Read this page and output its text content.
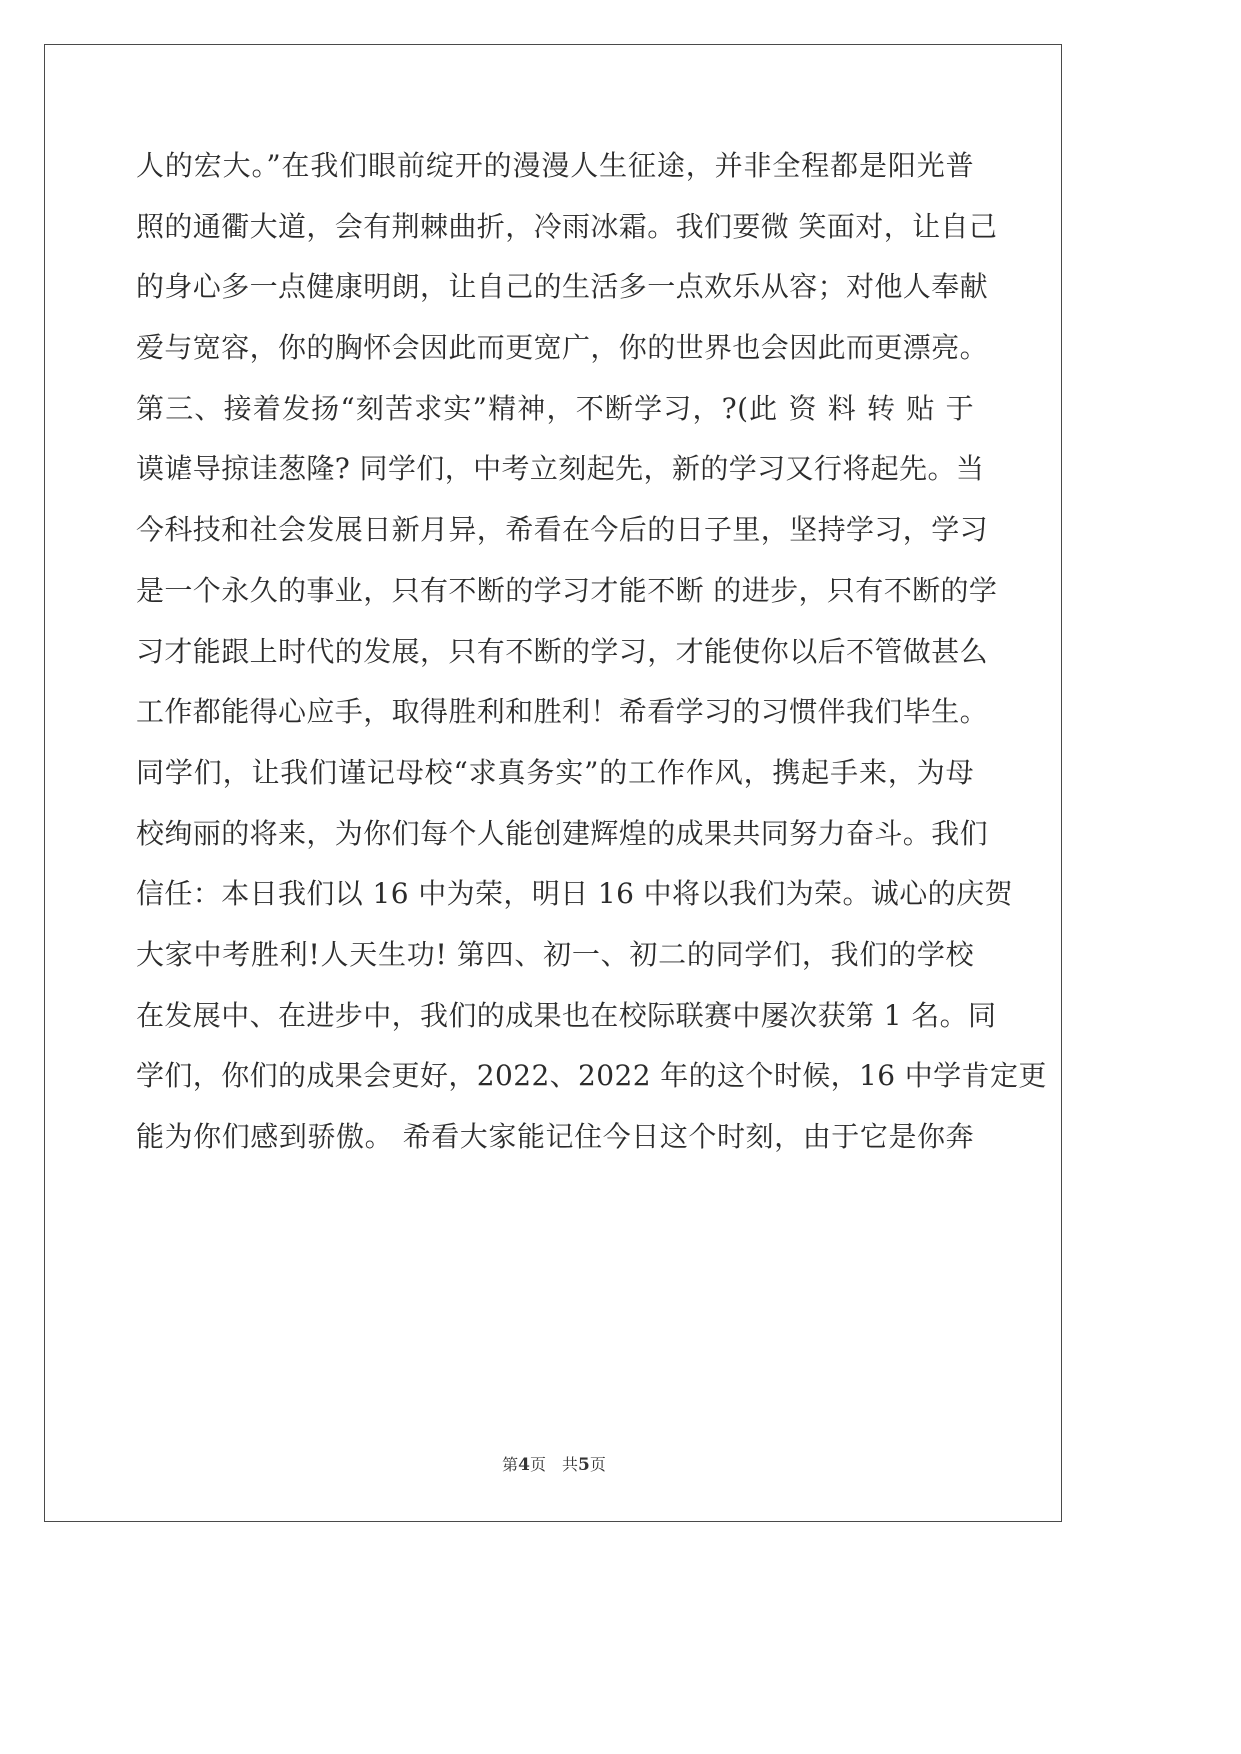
人的宏大。”在我们眼前绽开的漫漫人生征途，并非全程都是阳光普
照的通衢大道，会有荆棘曲折，冷雨冰霜。我们要微 笑面对，让自己
的身心多一点健康明朗，让自己的生活多一点欢乐从容；对他人奉献
爱与宽容，你的胸怀会因此而更宽广，你的世界也会因此而更漂亮。
第三、接着发扬“刻苦求实”精神，不断学习，?(此 资 料 转 贴 于
谟谑导掠诖葱隆? 同学们，中考立刻起先，新的学习又行将起先。当
今科技和社会发展日新月异，希看在今后的日子里，坚持学习，学习
是一个永久的事业，只有不断的学习才能不断 的进步，只有不断的学
习才能跟上时代的发展，只有不断的学习，才能使你以后不管做甚么
工作都能得心应手，取得胜利和胜利！希看学习的习惯伴我们毕生。
同学们，让我们谨记母校“求真务实”的工作作风，携起手来，为母
校绚丽的将来，为你们每个人能创建辉煌的成果共同努力奋斗。我们
信任：本日我们以 16 中为荣，明日 16 中将以我们为荣。诚心的庆贺
大家中考胜利!人天生功! 第四、初一、初二的同学们，我们的学校
在发展中、在进步中，我们的成果也在校际联赛中屡次获第 1 名。同
学们，你们的成果会更好，2022、2022 年的这个时候，16 中学肯定更
能为你们感到骄傲。 希看大家能记住今日这个时刻，由于它是你奔
第4页 共5页
